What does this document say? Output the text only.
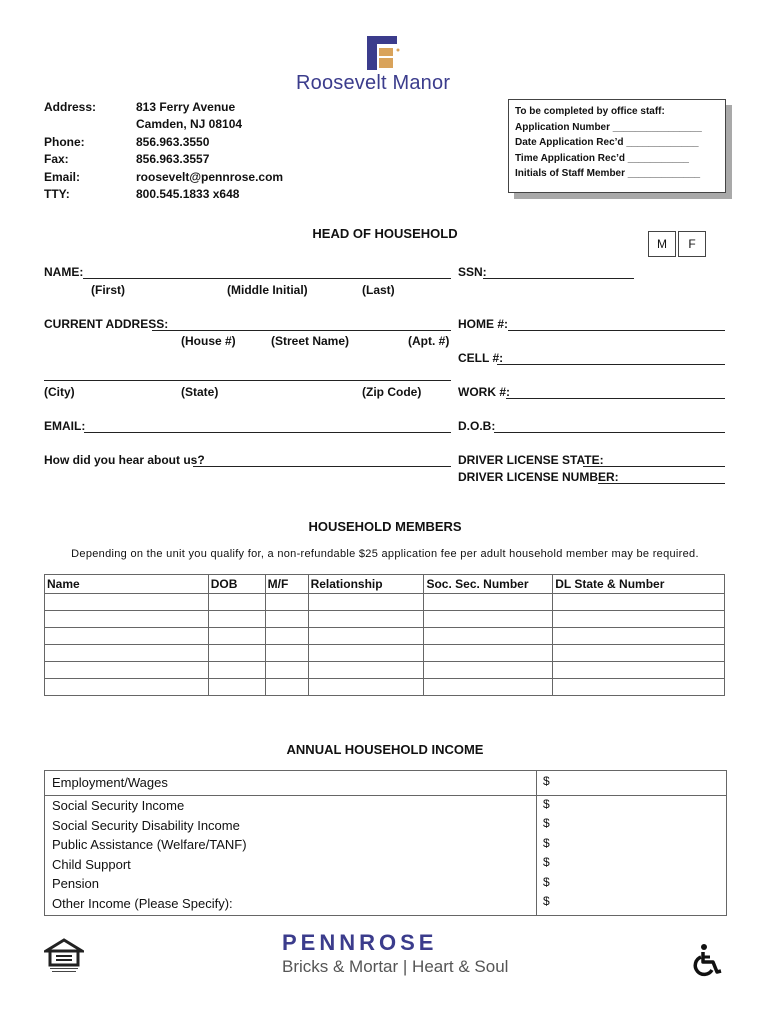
Roosevelt Manor
Address:	813 Ferry Avenue
Camden, NJ 08104
Phone:	856.963.3550
Fax:	856.963.3557
Email:	roosevelt@pennrose.com
TTY:	800.545.1833 x648
To be completed by office staff:
Application Number ________________
Date Application Rec’d _____________
Time Application Rec’d ___________
Initials of Staff Member _____________
HEAD OF HOUSEHOLD
M	F
NAME:	SSN:
(First)	(Middle Initial)	(Last)
CURRENT ADDRESS:	HOME #:
(House #)	(Street Name)	(Apt. #)
CELL #:
(City)	(State)	(Zip Code)	WORK #:
EMAIL:	D.O.B:
How did you hear about us?	DRIVER LICENSE STATE:
DRIVER LICENSE NUMBER:
HOUSEHOLD MEMBERS
Depending on the unit you qualify for, a non-refundable $25 application fee per adult household member may be required.
Name	DOB	M/F	Relationship	Soc. Sec. Number	DL State & Number

ANNUAL HOUSEHOLD INCOME
Employment/Wages	$
Social Security Income	$
Social Security Disability Income	$
Public Assistance (Welfare/TANF)	$
Child Support	$
Pension	$
Other Income (Please Specify):	$
PENNROSE
Bricks & Mortar | Heart & Soul
